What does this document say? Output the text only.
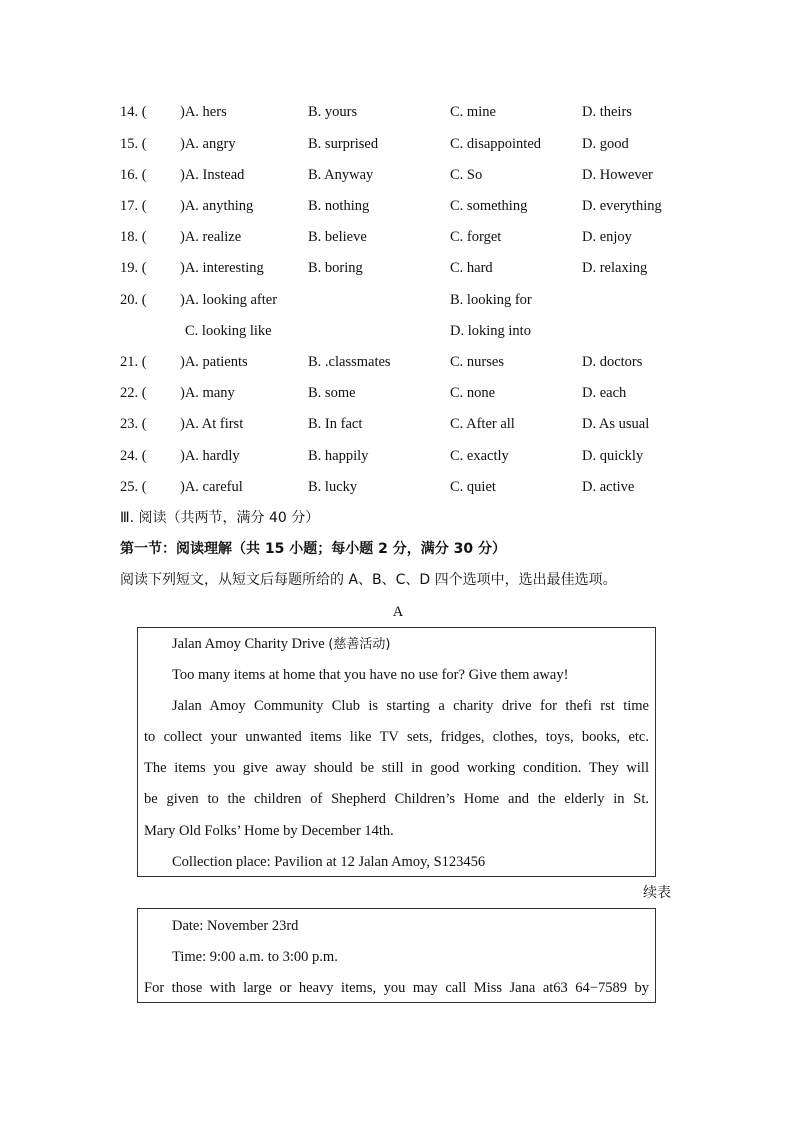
14. ( )A. hers	B. yours	C. mine	D. theirs
15. ( )A. angry	B. surprised	C. disappointed	D. good
16. ( )A. Instead	B. Anyway	C. So	D. However
17. ( )A. anything	B. nothing	C. something	D. everything
18. ( )A. realize	B. believe	C. forget	D. enjoy
19. ( )A. interesting	B. boring	C. hard	D. relaxing
20. ( )A. looking after	B. looking for
C. looking like	D. loking into
21. ( )A. patients	B. .classmates	C. nurses	D. doctors
22. ( )A. many	B. some	C. none	D. each
23. ( )A. At first	B. In fact	C. After all	D. As usual
24. ( )A. hardly	B. happily	C. exactly	D. quickly
25. ( )A. careful	B. lucky	C. quiet	D. active
Ⅲ. 阅读（共两节，满分 40 分）
第一节：阅读理解（共 15 小题；每小题 2 分，满分 30 分）
阅读下列短文，从短文后每题所给的 A、B、C、D 四个选项中，选出最佳选项。
A
Jalan Amoy Charity Drive (慈善活动)
Too many items at home that you have no use for? Give them away!
Jalan Amoy Community Club is starting a charity drive for thefi rst time
to collect your unwanted items like TV sets, fridges, clothes, toys, books, etc.
The items you give away should be still in good working condition. They will
be given to the children of Shepherd Children’s Home and the elderly in St.
Mary Old Folks’ Home by December 14th.
Collection place: Pavilion at 12 Jalan Amoy, S123456
续表
Date: November 23rd
Time: 9:00 a.m. to 3:00 p.m.
For those with large or heavy items, you may call Miss Jana at63 64−7589 by
